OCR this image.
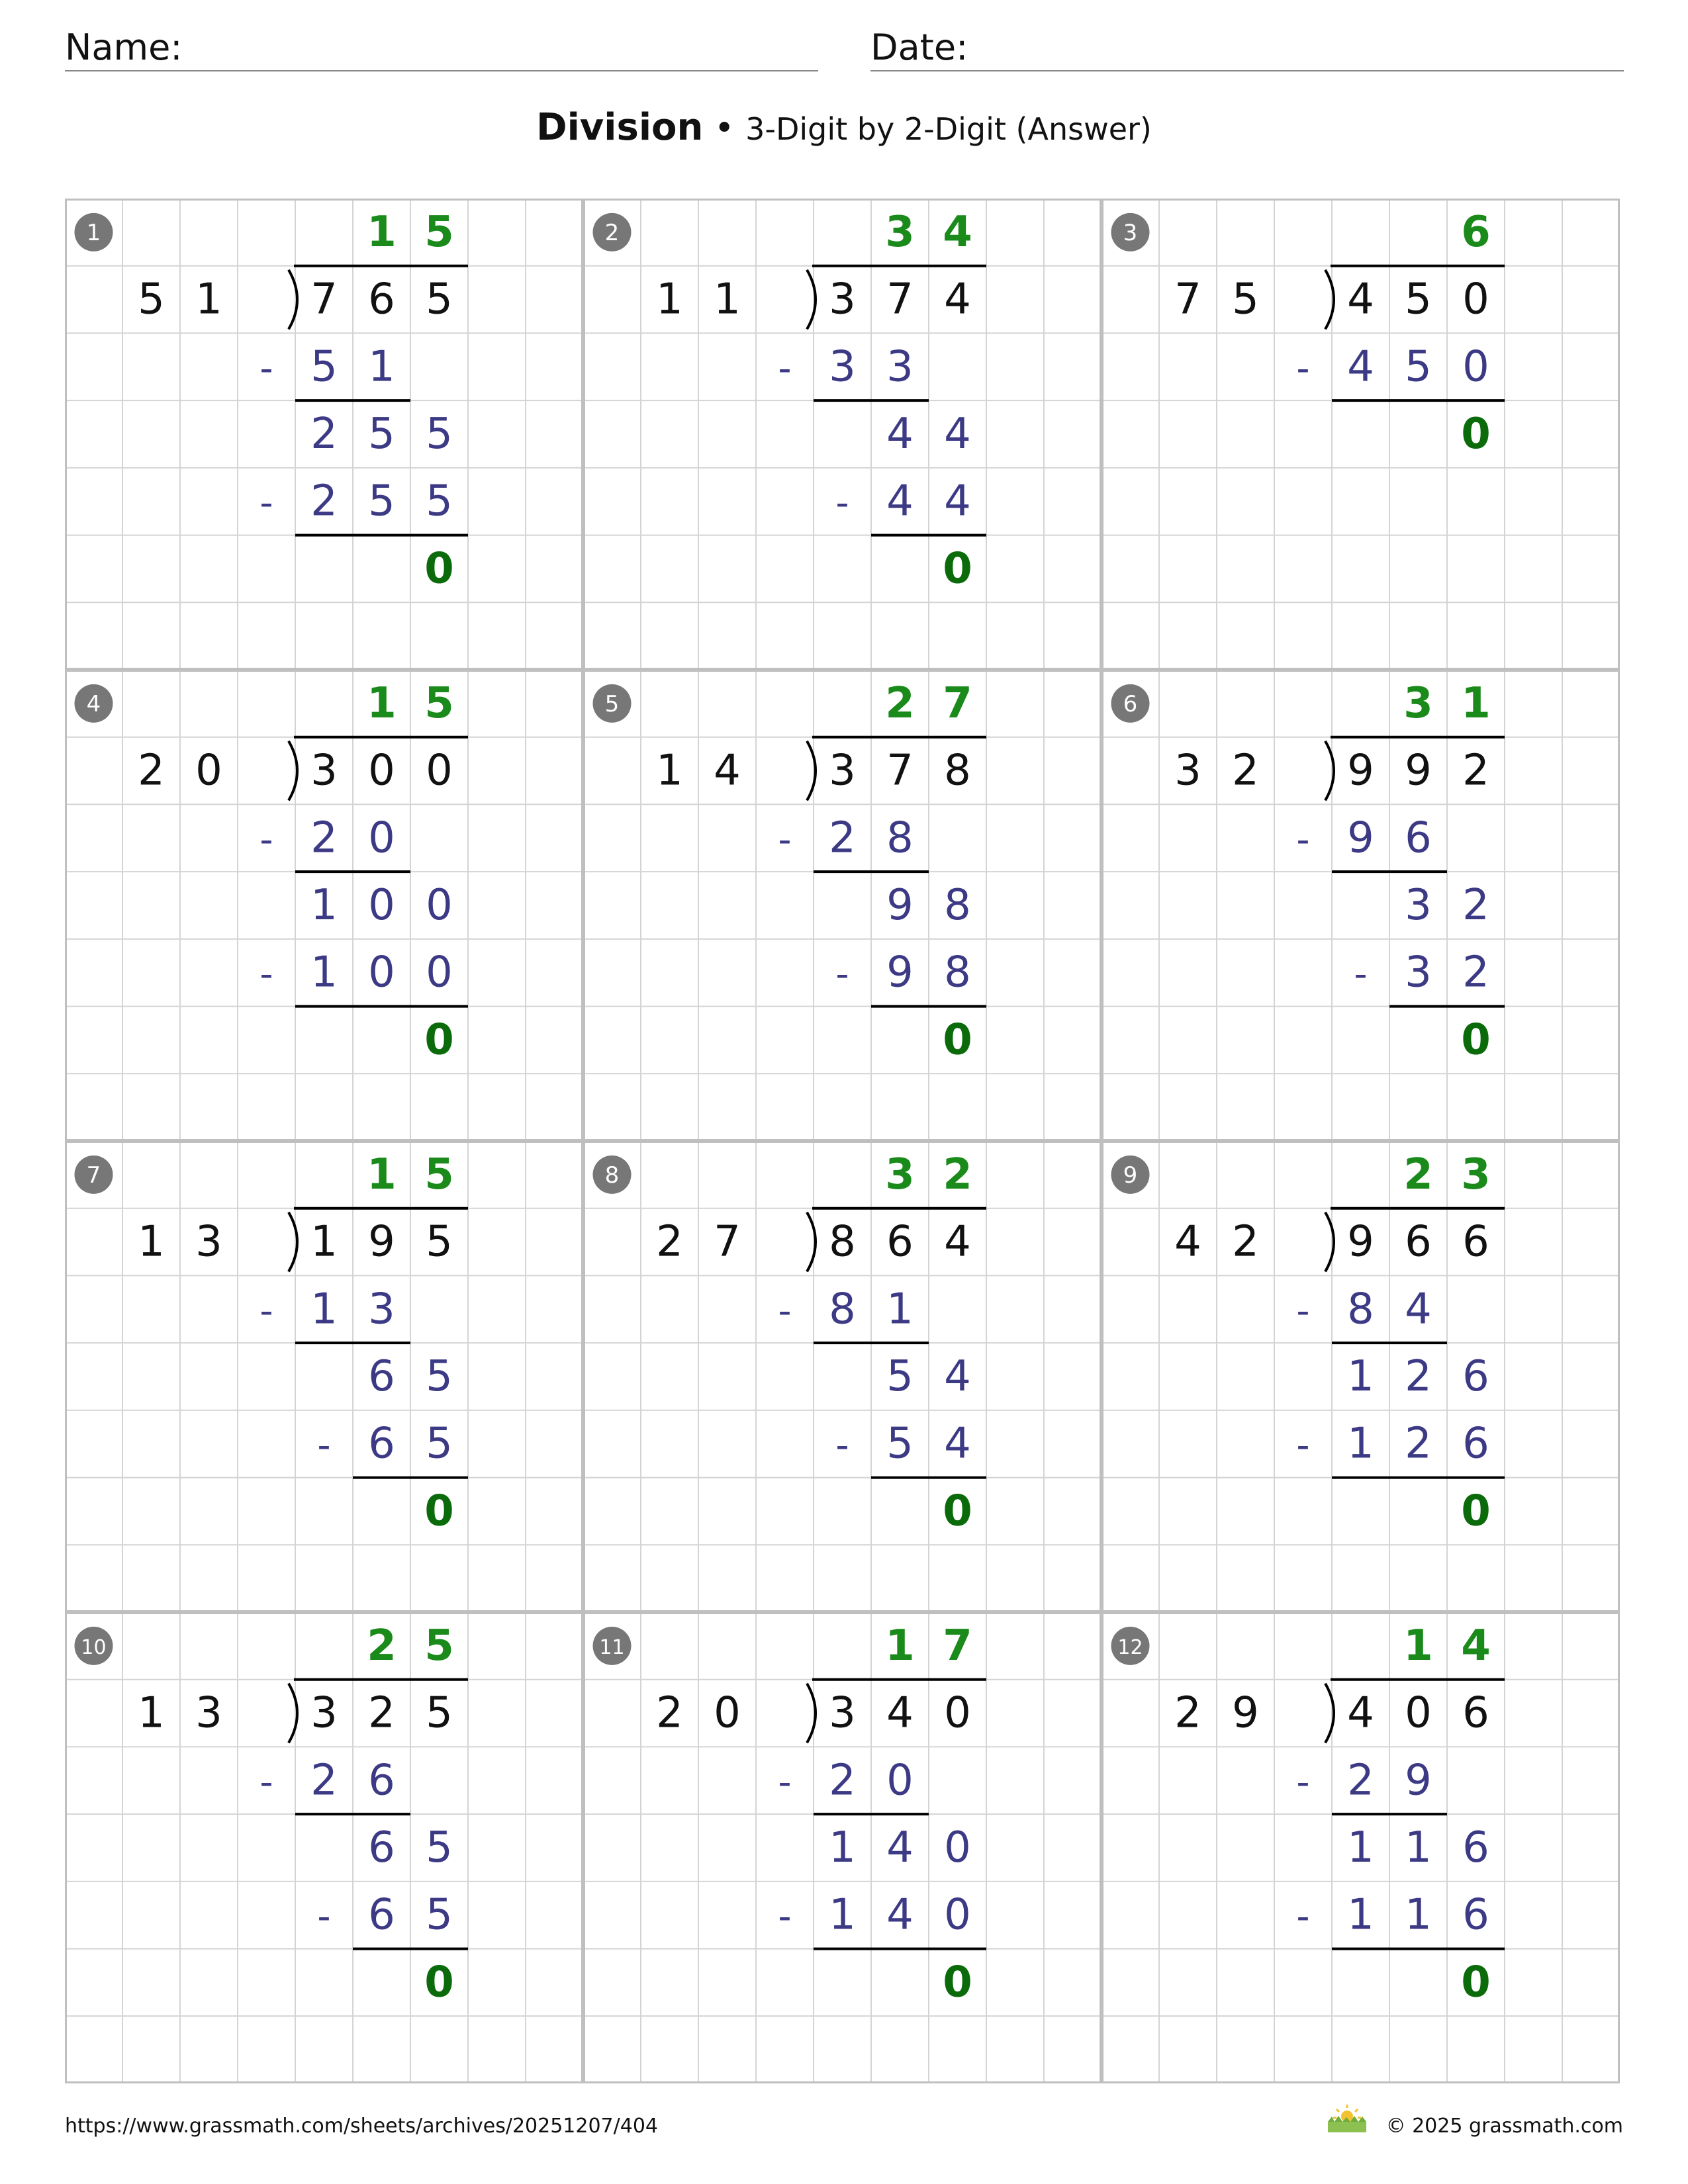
Name:	Date:
Division • 3-Digit by 2-Digit (Answer)
1
5 1 7 6 5
1 5
- 5 1
2 5 5
- 2 5 5
0
2
1 1 3 7 4
3 4
- 3 3
4 4
- 4 4
0
3
7 5 4 5 0
6
- 4 5 0
0
4
2 0 3 0 0
1 5
- 2 0
1 0 0
- 1 0 0
0
5
1 4 3 7 8
2 7
- 2 8
9 8
- 9 8
0
6
3 2 9 9 2
3 1
- 9 6
3 2
- 3 2
0
7
1 3 1 9 5
1 5
- 1 3
6 5
- 6 5
0
8
2 7 8 6 4
3 2
- 8 1
5 4
- 5 4
0
9
4 2 9 6 6
2 3
- 8 4
1 2 6
- 1 2 6
0
10
1 3 3 2 5
2 5
- 2 6
6 5
- 6 5
0
11
2 0 3 4 0
1 7
- 2 0
1 4 0
- 1 4 0
0
12
2 9 4 0 6
1 4
- 2 9
1 1 6
- 1 1 6
0
https://www.grassmath.com/sheets/archives/20251207/404	© 2025 grassmath.com
